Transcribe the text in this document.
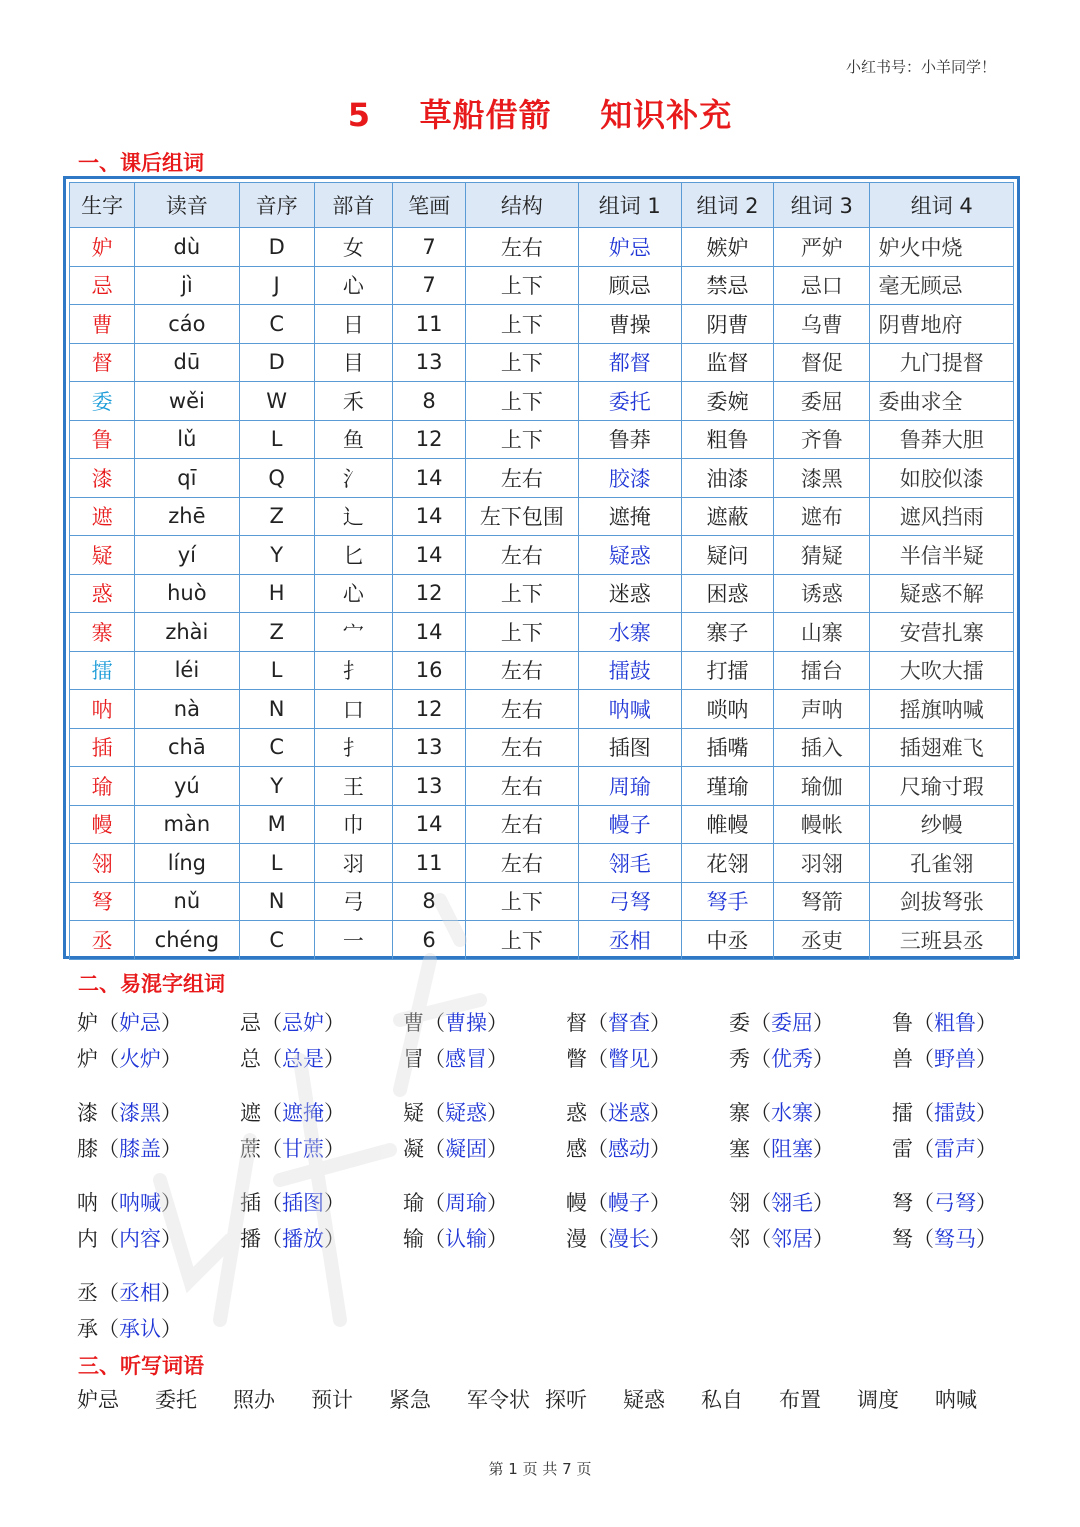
小红书号：小羊同学！
5    草船借箭    知识补充
一、课后组词
生字	读音	音序	部首	笔画	结构	组词 1	组词 2	组词 3	组词 4
妒	dù	D	女	7	左右	妒忌	嫉妒	严妒	妒火中烧
忌	jì	J	心	7	上下	顾忌	禁忌	忌口	毫无顾忌
曹	cáo	C	日	11	上下	曹操	阴曹	乌曹	阴曹地府
督	dū	D	目	13	上下	都督	监督	督促	九门提督
委	wěi	W	禾	8	上下	委托	委婉	委屈	委曲求全
鲁	lǔ	L	鱼	12	上下	鲁莽	粗鲁	齐鲁	鲁莽大胆
漆	qī	Q	氵	14	左右	胶漆	油漆	漆黑	如胶似漆
遮	zhē	Z	辶	14	左下包围	遮掩	遮蔽	遮布	遮风挡雨
疑	yí	Y	匕	14	左右	疑惑	疑问	猜疑	半信半疑
惑	huò	H	心	12	上下	迷惑	困惑	诱惑	疑惑不解
寨	zhài	Z	宀	14	上下	水寨	寨子	山寨	安营扎寨
擂	léi	L	扌	16	左右	擂鼓	打擂	擂台	大吹大擂
呐	nà	N	口	12	左右	呐喊	唢呐	声呐	摇旗呐喊
插	chā	C	扌	13	左右	插图	插嘴	插入	插翅难飞
瑜	yú	Y	王	13	左右	周瑜	瑾瑜	瑜伽	尺瑜寸瑕
幔	màn	M	巾	14	左右	幔子	帷幔	幔帐	纱幔
翎	líng	L	羽	11	左右	翎毛	花翎	羽翎	孔雀翎
弩	nǔ	N	弓	8	上下	弓弩	弩手	弩箭	剑拔弩张
丞	chéng	C	一	6	上下	丞相	中丞	丞吏	三班县丞
二、易混字组词
妒（妒忌）	忌（忌妒）	曹（曹操）	督（督查）	委（委屈）	鲁（粗鲁）
炉（火炉）	总（总是）	冒（感冒）	瞥（瞥见）	秀（优秀）	兽（野兽）
漆（漆黑）	遮（遮掩）	疑（疑惑）	惑（迷惑）	寨（水寨）	擂（擂鼓）
膝（膝盖）	蔗（甘蔗）	凝（凝固）	感（感动）	塞（阻塞）	雷（雷声）
呐（呐喊）	插（插图）	瑜（周瑜）	幔（幔子）	翎（翎毛）	弩（弓弩）
内（内容）	播（播放）	输（认输）	漫（漫长）	邻（邻居）	驽（驽马）
丞（丞相）
承（承认）
三、听写词语
妒忌	委托	照办	预计	紧急	军令状 探听	疑惑	私自	布置	调度	呐喊
第 1 页 共 7 页
